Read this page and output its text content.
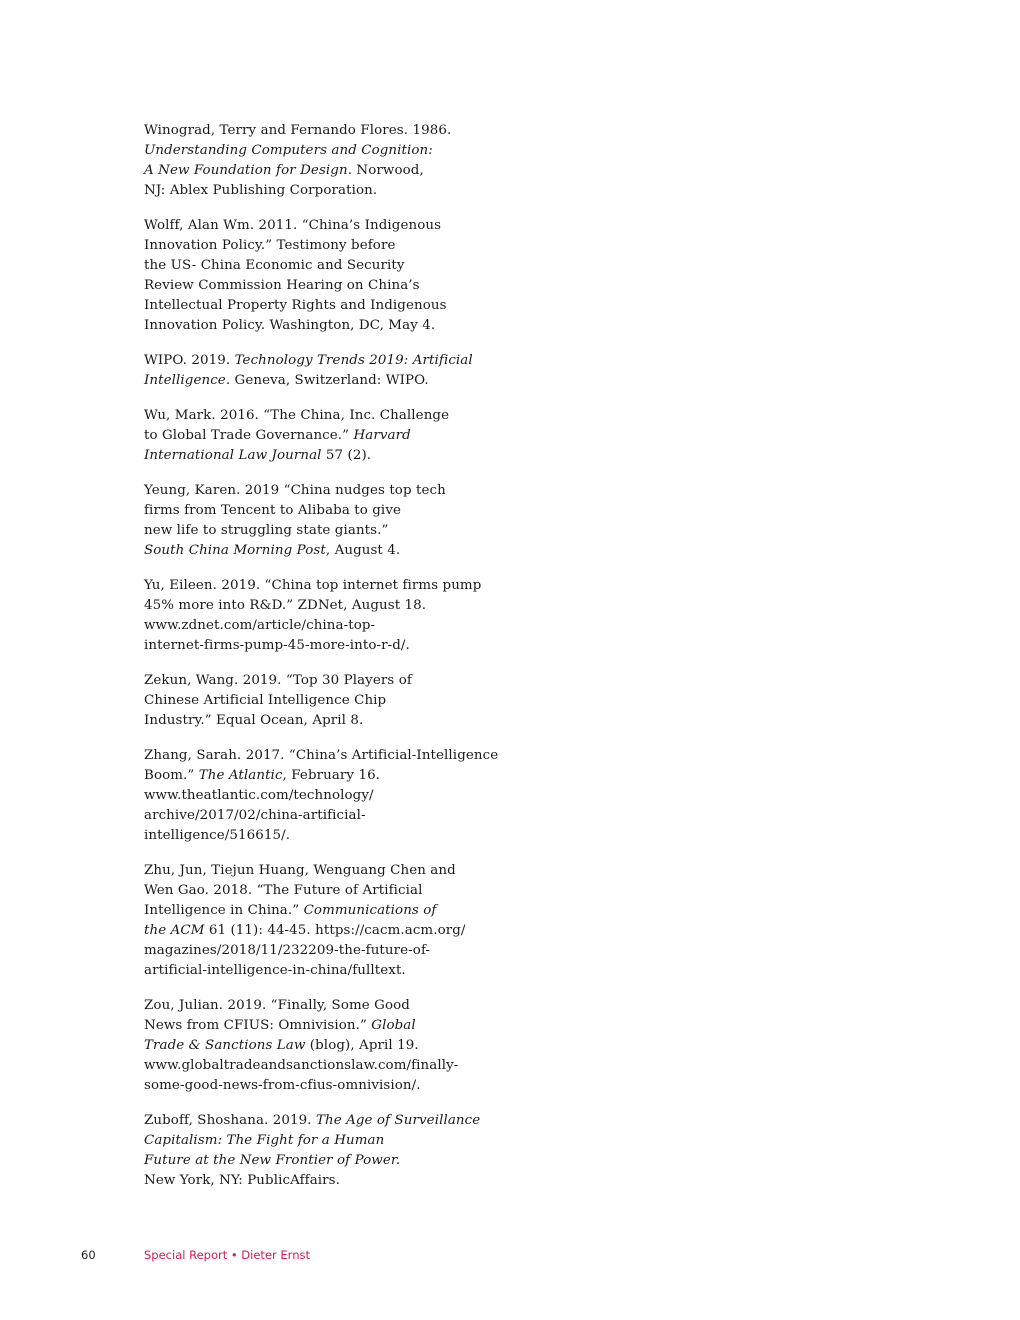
Winograd, Terry and Fernando Flores. 1986.
Understanding Computers and Cognition:
A New Foundation for Design. Norwood,
NJ: Ablex Publishing Corporation.

Wolff, Alan Wm. 2011. “China’s Indigenous
Innovation Policy.” Testimony before
the US- China Economic and Security
Review Commission Hearing on China’s
Intellectual Property Rights and Indigenous
Innovation Policy. Washington, DC, May 4.

WIPO. 2019. Technology Trends 2019: Artificial
Intelligence. Geneva, Switzerland: WIPO.

Wu, Mark. 2016. “The China, Inc. Challenge
to Global Trade Governance.” Harvard
International Law Journal 57 (2).

Yeung, Karen. 2019 “China nudges top tech
firms from Tencent to Alibaba to give
new life to struggling state giants.”
South China Morning Post, August 4.

Yu, Eileen. 2019. “China top internet firms pump
45% more into R&D.” ZDNet, August 18.
www.zdnet.com/article/china-top-
internet-firms-pump-45-more-into-r-d/.

Zekun, Wang. 2019. “Top 30 Players of
Chinese Artificial Intelligence Chip
Industry.” Equal Ocean, April 8.

Zhang, Sarah. 2017. “China’s Artificial-Intelligence
Boom.” The Atlantic, February 16.
www.theatlantic.com/technology/
archive/2017/02/china-artificial-
intelligence/516615/.

Zhu, Jun, Tiejun Huang, Wenguang Chen and
Wen Gao. 2018. “The Future of Artificial
Intelligence in China.” Communications of
the ACM 61 (11): 44-45. https://cacm.acm.org/
magazines/2018/11/232209-the-future-of-
artificial-intelligence-in-china/fulltext.

Zou, Julian. 2019. “Finally, Some Good
News from CFIUS: Omnivision.” Global
Trade & Sanctions Law (blog), April 19.
www.globaltradeandsanctionslaw.com/finally-
some-good-news-from-cfius-omnivision/.

Zuboff, Shoshana. 2019. The Age of Surveillance
Capitalism: The Fight for a Human
Future at the New Frontier of Power.
New York, NY: PublicAffairs.

60	Special Report • Dieter Ernst
